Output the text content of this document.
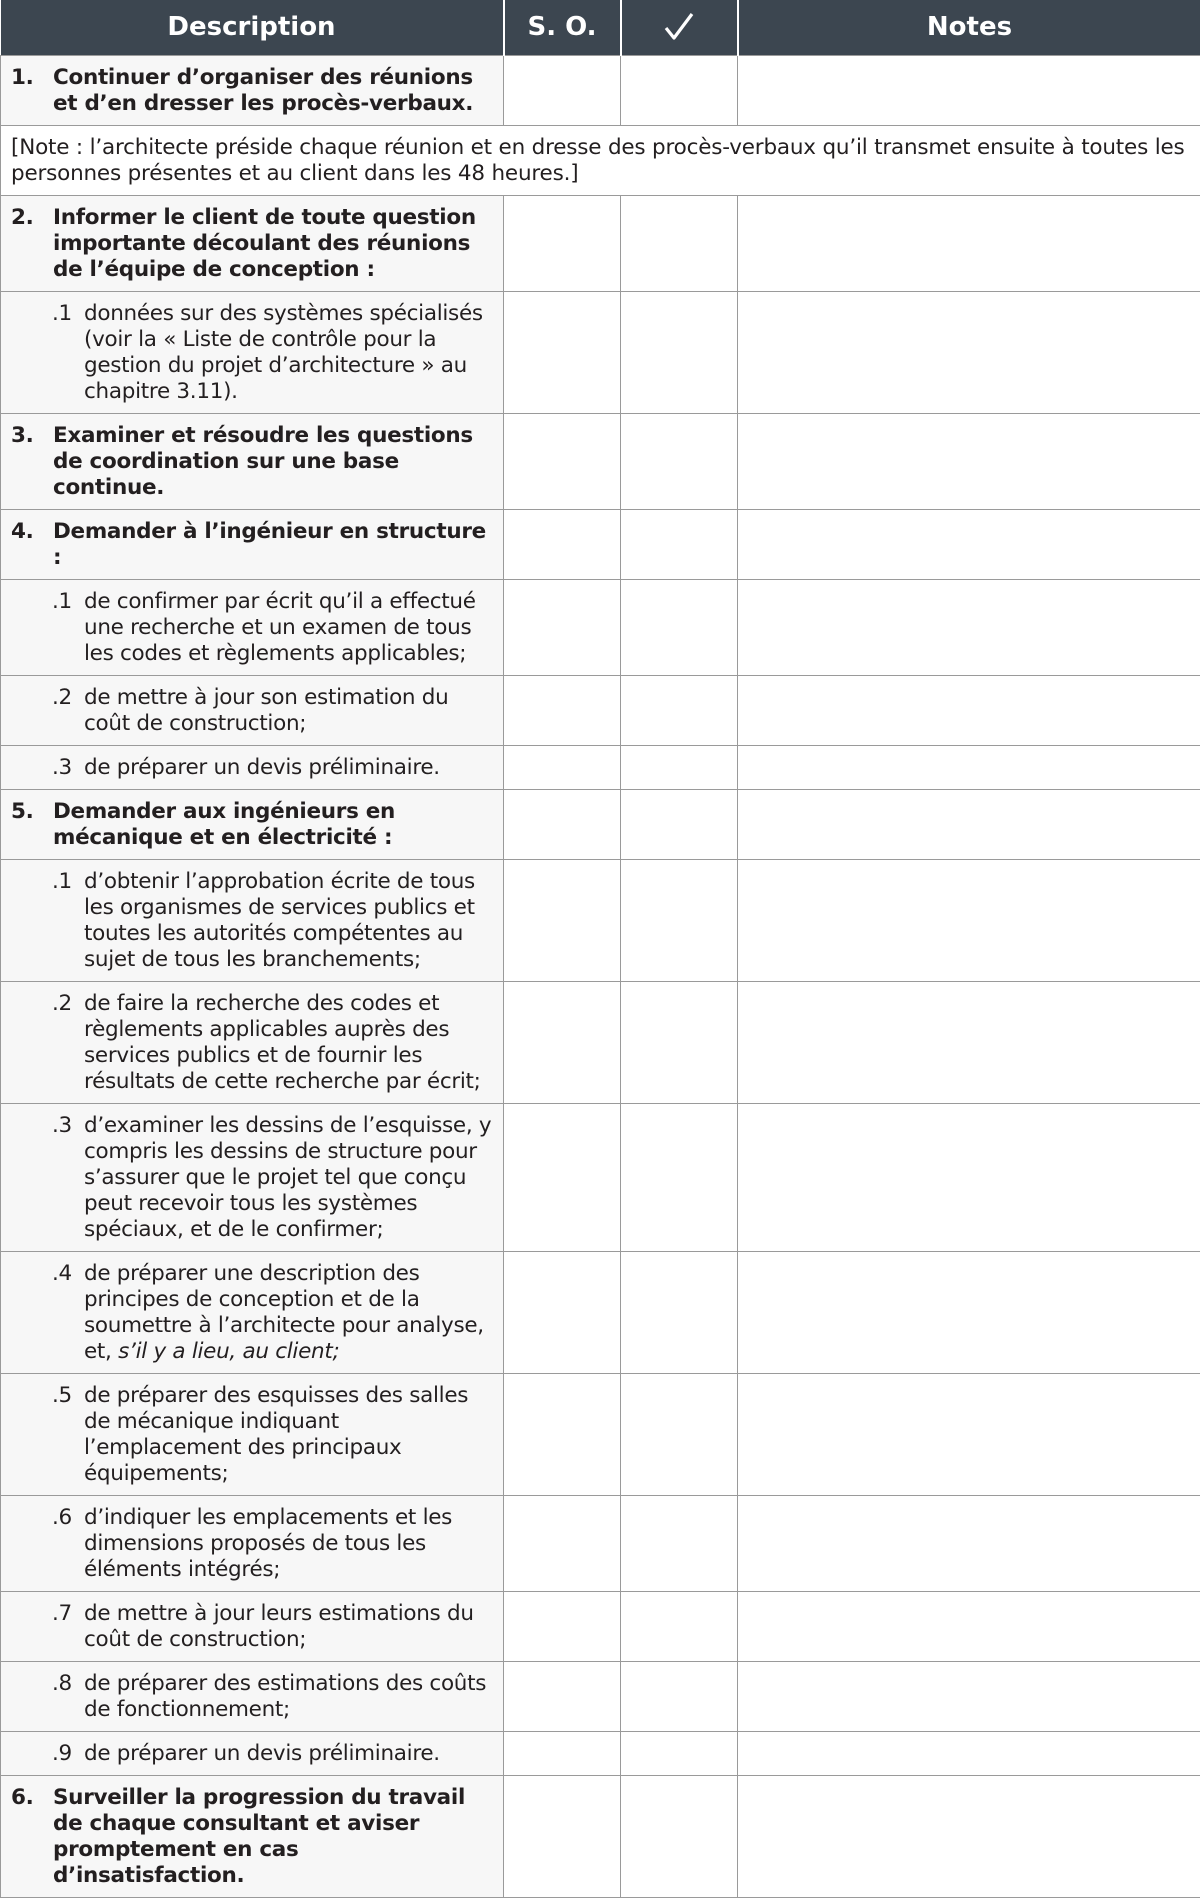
Description	S. O.		Notes

1. Continuer d’organiser des réunions et d’en dresser les procès-verbaux.			

[Note : l’architecte préside chaque réunion et en dresse des procès-verbaux qu’il transmet ensuite à toutes les personnes présentes et au client dans les 48 heures.]			

2. Informer le client de toute question importante découlant des réunions de l’équipe de conception :			

.1 données sur des systèmes spécialisés (voir la « Liste de contrôle pour la gestion du projet d’architecture » au chapitre 3.11).			

3. Examiner et résoudre les questions de coordination sur une base continue.			

4. Demander à l’ingénieur en structure :			

.1 de confirmer par écrit qu’il a effectué une recherche et un examen de tous les codes et règlements applicables;			

.2 de mettre à jour son estimation du coût de construction;			

.3 de préparer un devis préliminaire.			

5. Demander aux ingénieurs en mécanique et en électricité :			

.1 d’obtenir l’approbation écrite de tous les organismes de services publics et toutes les autorités compétentes au sujet de tous les branchements;			

.2 de faire la recherche des codes et règlements applicables auprès des services publics et de fournir les résultats de cette recherche par écrit;			

.3 d’examiner les dessins de l’esquisse, y compris les dessins de structure pour s’assurer que le projet tel que conçu peut recevoir tous les systèmes spéciaux, et de le confirmer;			

.4 de préparer une description des principes de conception et de la soumettre à l’architecte pour analyse, et, s’il y a lieu, au client;			

.5 de préparer des esquisses des salles de mécanique indiquant l’emplacement des principaux équipements;			

.6 d’indiquer les emplacements et les dimensions proposés de tous les éléments intégrés;			

.7 de mettre à jour leurs estimations du coût de construction;			

.8 de préparer des estimations des coûts de fonctionnement;			

.9 de préparer un devis préliminaire.			

6. Surveiller la progression du travail de chaque consultant et aviser promptement en cas d’insatisfaction.			
